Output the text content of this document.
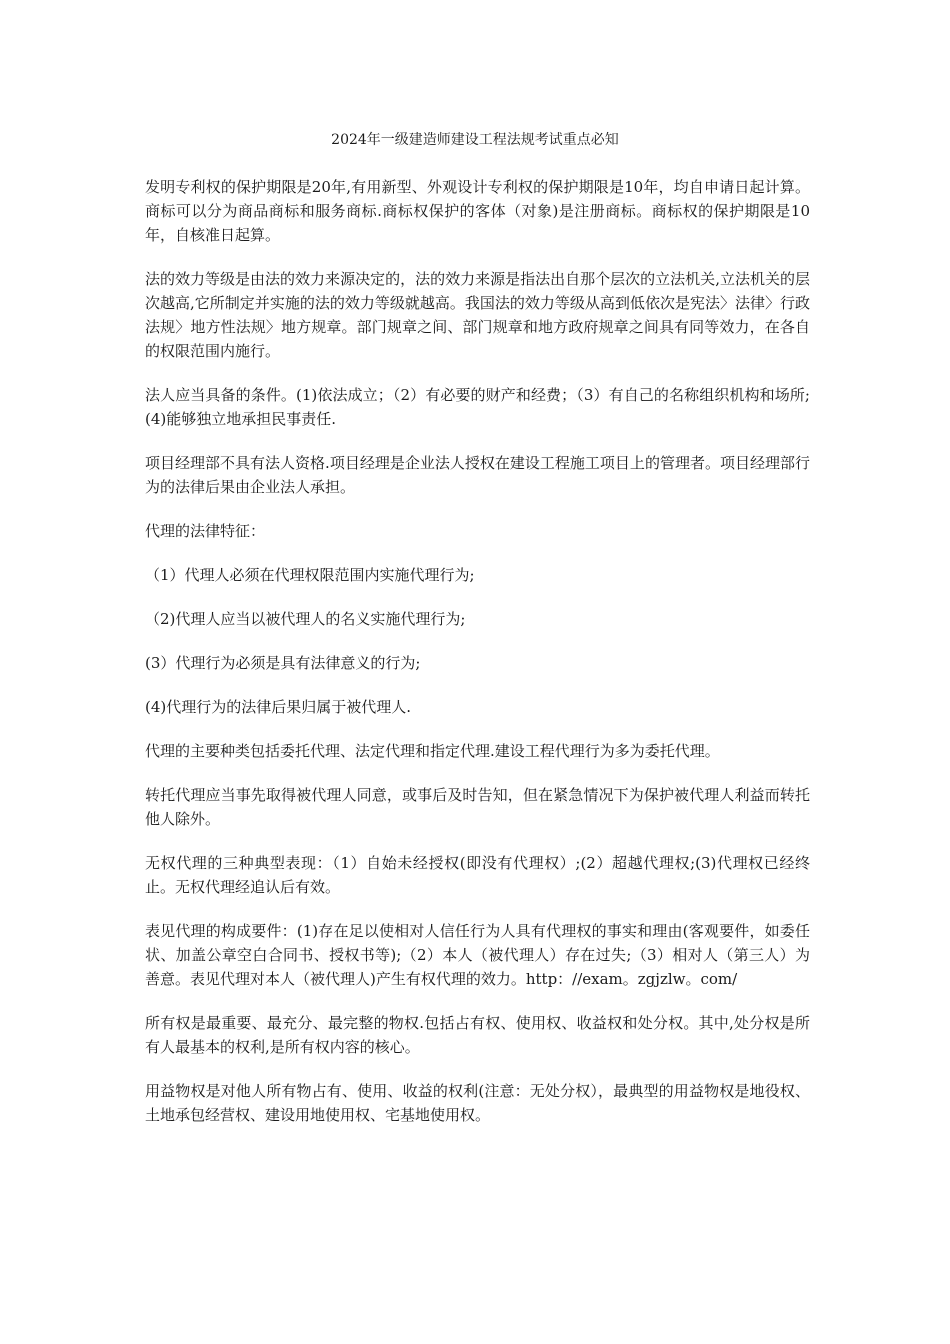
2024年一级建造师建设工程法规考试重点必知

发明专利权的保护期限是20年,有用新型、外观设计专利权的保护期限是10年，均自申请日起计算。商标可以分为商品商标和服务商标.商标权保护的客体（对象)是注册商标。商标权的保护期限是10年，自核准日起算。

法的效力等级是由法的效力来源决定的，法的效力来源是指法出自那个层次的立法机关,立法机关的层次越高,它所制定并实施的法的效力等级就越高。我国法的效力等级从高到低依次是宪法〉法律〉行政法规〉地方性法规〉地方规章。部门规章之间、部门规章和地方政府规章之间具有同等效力，在各自的权限范围内施行。

法人应当具备的条件。(1)依法成立；（2）有必要的财产和经费；（3）有自己的名称组织机构和场所;(4)能够独立地承担民事责任.

项目经理部不具有法人资格.项目经理是企业法人授权在建设工程施工项目上的管理者。项目经理部行为的法律后果由企业法人承担。

代理的法律特征：

（1）代理人必须在代理权限范围内实施代理行为;

（2)代理人应当以被代理人的名义实施代理行为;

(3）代理行为必须是具有法律意义的行为;

(4)代理行为的法律后果归属于被代理人.

代理的主要种类包括委托代理、法定代理和指定代理.建设工程代理行为多为委托代理。

转托代理应当事先取得被代理人同意，或事后及时告知，但在紧急情况下为保护被代理人利益而转托他人除外。

无权代理的三种典型表现：（1）自始未经授权(即没有代理权）;(2）超越代理权;(3)代理权已经终止。无权代理经追认后有效。

表见代理的构成要件：(1)存在足以使相对人信任行为人具有代理权的事实和理由(客观要件，如委任状、加盖公章空白合同书、授权书等);（2）本人（被代理人）存在过失;（3）相对人（第三人）为善意。表见代理对本人（被代理人)产生有权代理的效力。http：//exam。zgjzlw。com/

所有权是最重要、最充分、最完整的物权.包括占有权、使用权、收益权和处分权。其中,处分权是所有人最基本的权利,是所有权内容的核心。

用益物权是对他人所有物占有、使用、收益的权利(注意：无处分权），最典型的用益物权是地役权、土地承包经营权、建设用地使用权、宅基地使用权。
